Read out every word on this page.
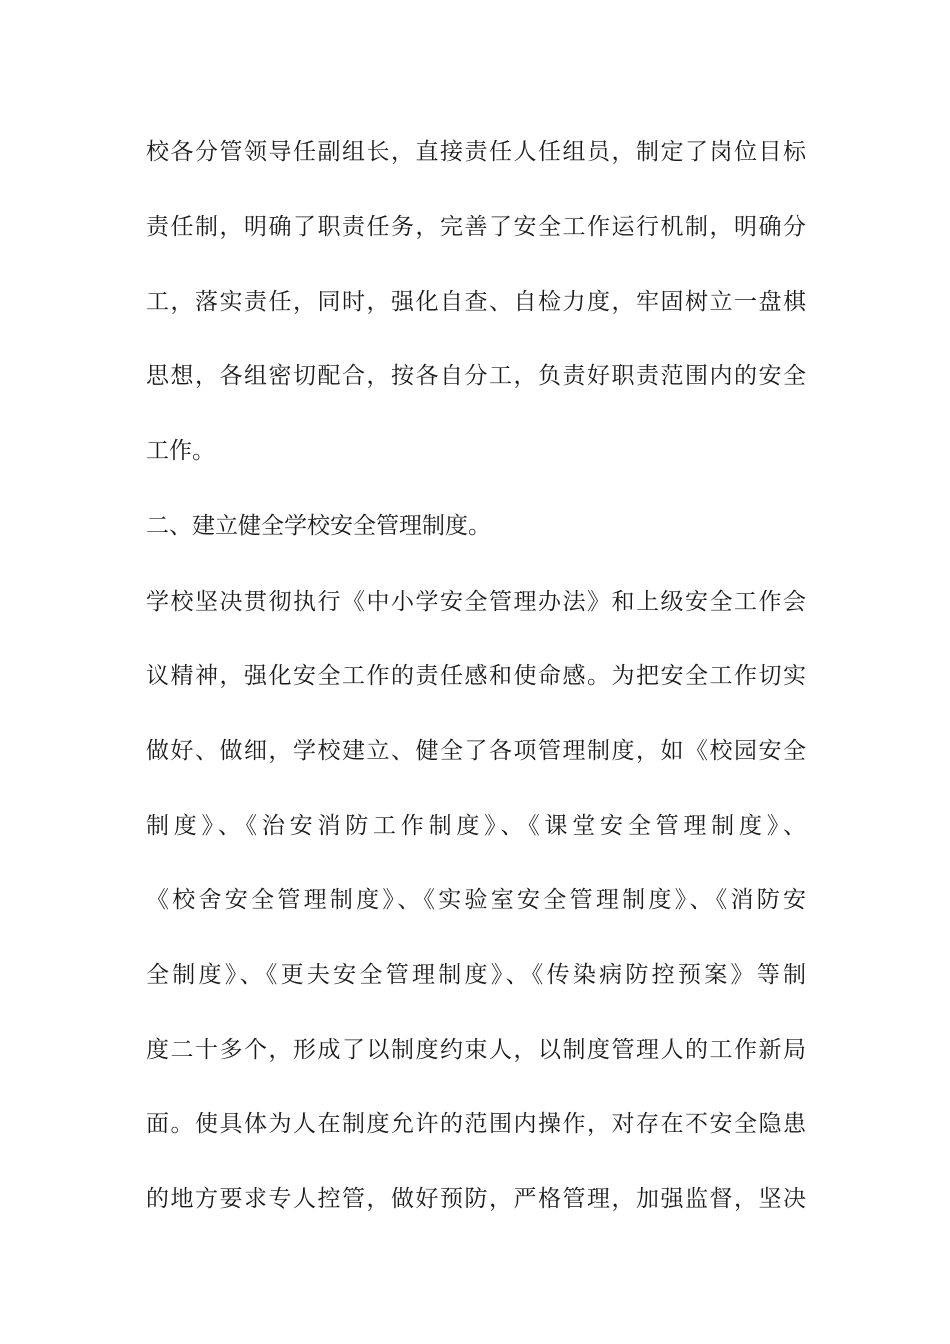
校各分管领导任副组长，直接责任人任组员，制定了岗位目标
责任制，明确了职责任务，完善了安全工作运行机制，明确分
工，落实责任，同时，强化自查、自检力度，牢固树立一盘棋
思想，各组密切配合，按各自分工，负责好职责范围内的安全
工作。
二、建立健全学校安全管理制度。
学校坚决贯彻执行《中小学安全管理办法》和上级安全工作会
议精神，强化安全工作的责任感和使命感。为把安全工作切实
做好、做细，学校建立、健全了各项管理制度，如《校园安全
制度》、《治安消防工作制度》、《课堂安全管理制度》、
《校舍安全管理制度》、《实验室安全管理制度》、《消防安
全制度》、《更夫安全管理制度》、《传染病防控预案》等制
度二十多个，形成了以制度约束人，以制度管理人的工作新局
面。使具体为人在制度允许的范围内操作，对存在不安全隐患
的地方要求专人控管，做好预防，严格管理，加强监督，坚决
